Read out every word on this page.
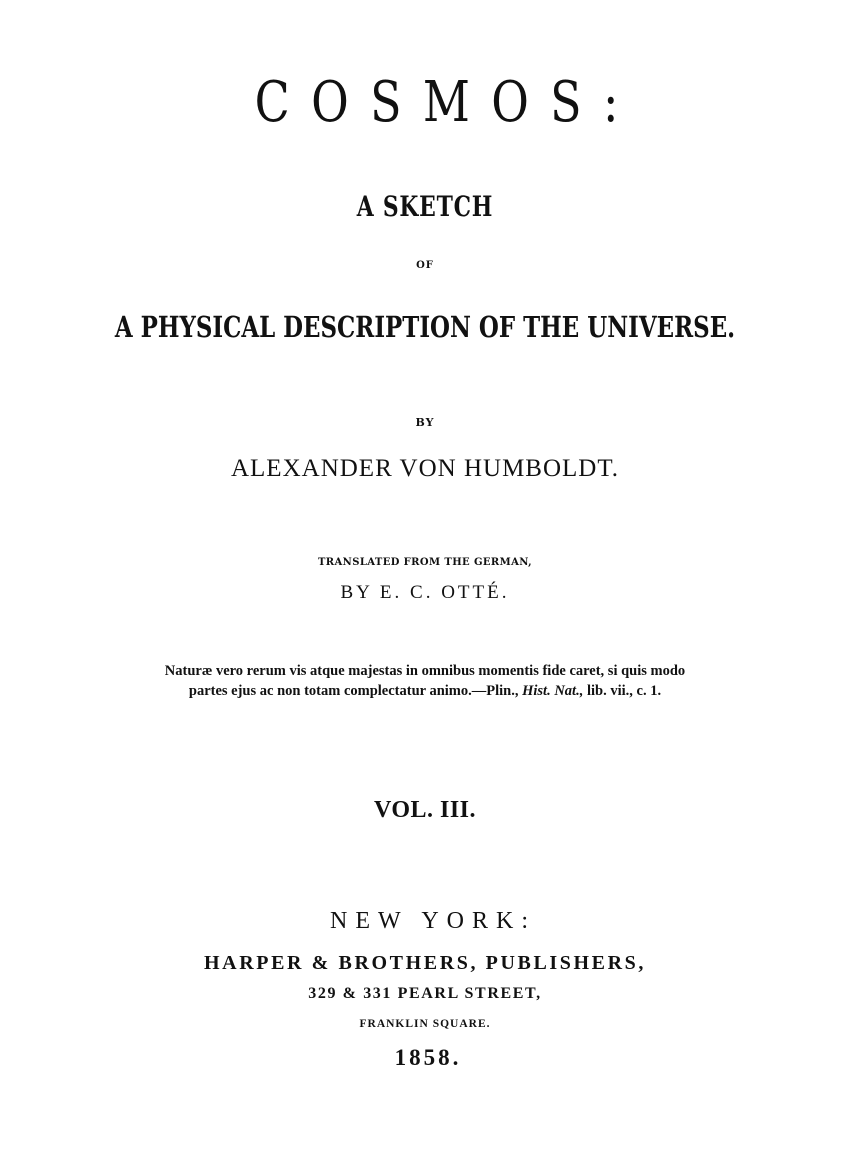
COSMOS:
A SKETCH
OF
A PHYSICAL DESCRIPTION OF THE UNIVERSE.
BY
ALEXANDER VON HUMBOLDT.
TRANSLATED FROM THE GERMAN,
BY E. C. OTTÉ.

Naturæ vero rerum vis atque majestas in omnibus momentis fide caret, si quis modo partes ejus ac non totam complectatur animo.—Plin., Hist. Nat., lib. vii., c. 1.

VOL. III.
NEW YORK:
HARPER & BROTHERS, PUBLISHERS,
329 & 331 PEARL STREET,
FRANKLIN SQUARE.
1858.
